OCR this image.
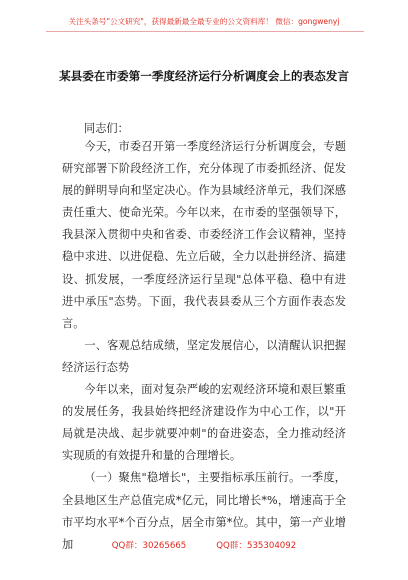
关注头条号"公文研究"，获得最新最全最专业的公文资料库！ 微信：gongwenyj
某县委在市委第一季度经济运行分析调度会上的表态发言
同志们：

今天，市委召开第一季度经济运行分析调度会，专题研究部署下阶段经济工作，充分体现了市委抓经济、促发展的鲜明导向和坚定决心。作为县域经济单元，我们深感责任重大、使命光荣。今年以来，在市委的坚强领导下，我县深入贯彻中央和省委、市委经济工作会议精神，坚持稳中求进、以进促稳、先立后破，全力以赴拼经济、搞建设、抓发展，一季度经济运行呈现"总体平稳、稳中有进进中承压"态势。下面，我代表县委从三个方面作表态发言。

一、客观总结成绩，坚定发展信心，以清醒认识把握经济运行态势

今年以来，面对复杂严峻的宏观经济环境和艰巨繁重的发展任务，我县始终把经济建设作为中心工作，以"开局就是决战、起步就要冲刺"的奋进姿态，全力推动经济实现质的有效提升和量的合理增长。

（一）聚焦"稳增长"，主要指标承压前行。一季度，全县地区生产总值完成*亿元，同比增长*%，增速高于全市平均水平*个百分点，居全市第*位。其中，第一产业增加	QQ群：30265665	QQ群：535304092
